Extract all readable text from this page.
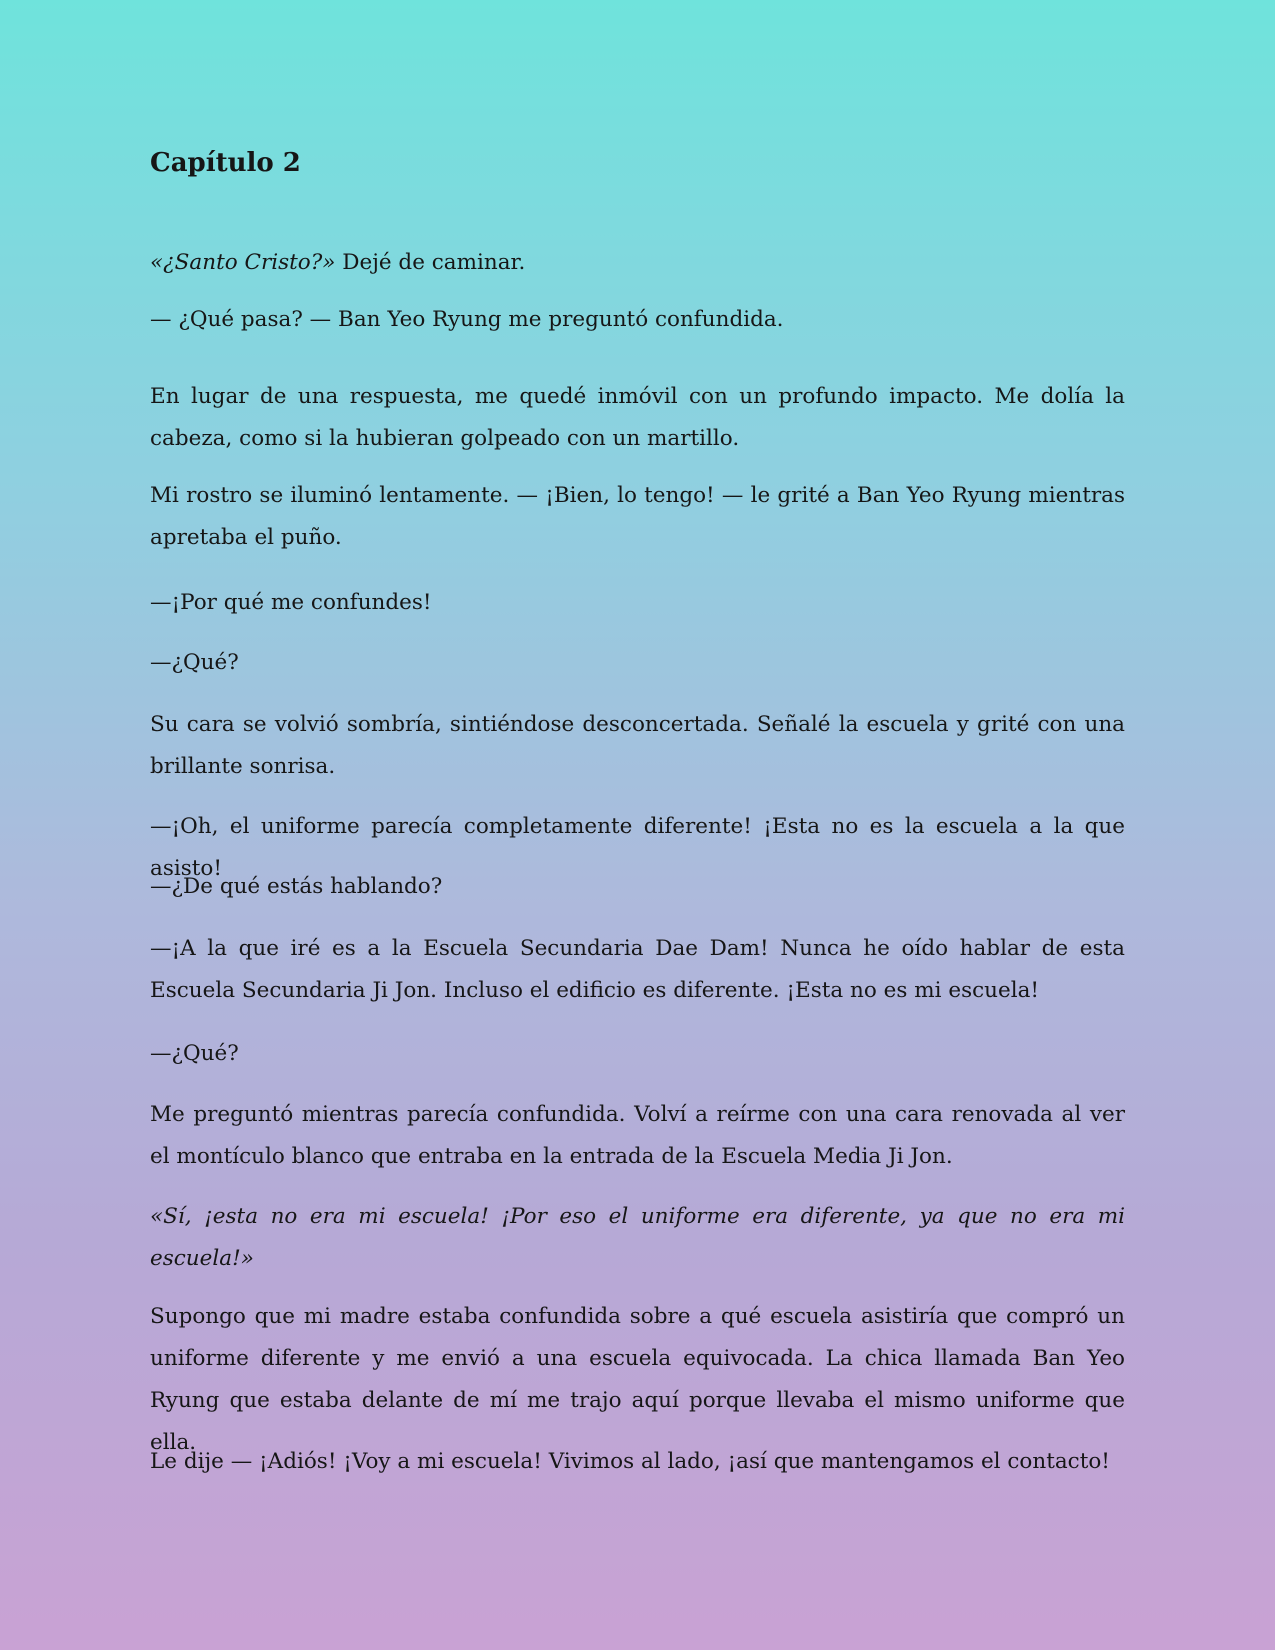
Capítulo 2

«¿Santo Cristo?» Dejé de caminar.

— ¿Qué pasa? — Ban Yeo Ryung me preguntó confundida.

En lugar de una respuesta, me quedé inmóvil con un profundo impacto. Me dolía la cabeza, como si la hubieran golpeado con un martillo.

Mi rostro se iluminó lentamente. — ¡Bien, lo tengo! — le grité a Ban Yeo Ryung mientras apretaba el puño.

—¡Por qué me confundes!

—¿Qué?

Su cara se volvió sombría, sintiéndose desconcertada. Señalé la escuela y grité con una brillante sonrisa.

—¡Oh, el uniforme parecía completamente diferente! ¡Esta no es la escuela a la que asisto!

—¿De qué estás hablando?

—¡A la que iré es a la Escuela Secundaria Dae Dam! Nunca he oído hablar de esta Escuela Secundaria Ji Jon. Incluso el edificio es diferente. ¡Esta no es mi escuela!

—¿Qué?

Me preguntó mientras parecía confundida. Volví a reírme con una cara renovada al ver el montículo blanco que entraba en la entrada de la Escuela Media Ji Jon.

«Sí, ¡esta no era mi escuela! ¡Por eso el uniforme era diferente, ya que no era mi escuela!»

Supongo que mi madre estaba confundida sobre a qué escuela asistiría que compró un uniforme diferente y me envió a una escuela equivocada. La chica llamada Ban Yeo Ryung que estaba delante de mí me trajo aquí porque llevaba el mismo uniforme que ella.

Le dije — ¡Adiós! ¡Voy a mi escuela! Vivimos al lado, ¡así que mantengamos el contacto!
